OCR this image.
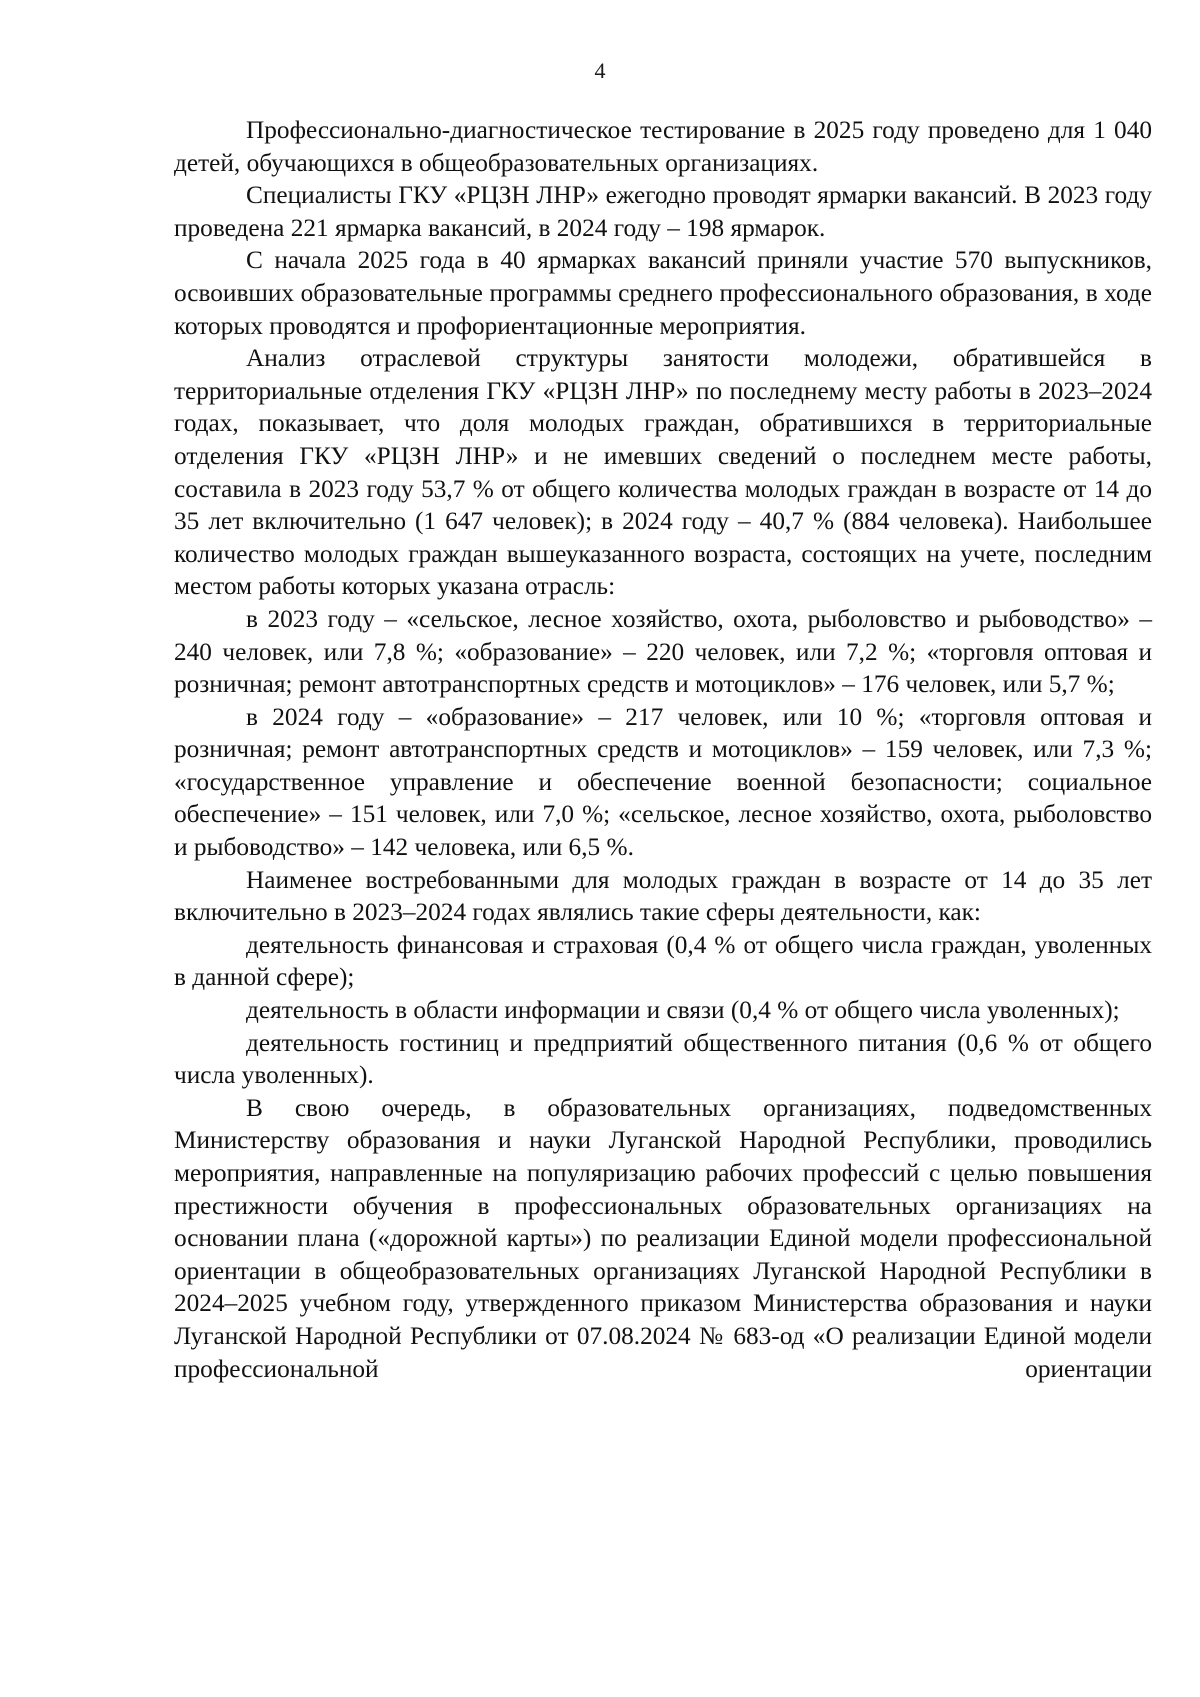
4

Профессионально-диагностическое тестирование в 2025 году проведено для 1 040 детей, обучающихся в общеобразовательных организациях.

Специалисты ГКУ «РЦЗН ЛНР» ежегодно проводят ярмарки вакансий. В 2023 году проведена 221 ярмарка вакансий, в 2024 году – 198 ярмарок.

С начала 2025 года в 40 ярмарках вакансий приняли участие 570 выпускников, освоивших образовательные программы среднего профессионального образования, в ходе которых проводятся и профориентационные мероприятия.

Анализ отраслевой структуры занятости молодежи, обратившейся в территориальные отделения ГКУ «РЦЗН ЛНР» по последнему месту работы в 2023–2024 годах, показывает, что доля молодых граждан, обратившихся в территориальные отделения ГКУ «РЦЗН ЛНР» и не имевших сведений о последнем месте работы, составила в 2023 году 53,7 % от общего количества молодых граждан в возрасте от 14 до 35 лет включительно (1 647 человек); в 2024 году – 40,7 % (884 человека). Наибольшее количество молодых граждан вышеуказанного возраста, состоящих на учете, последним местом работы которых указана отрасль:

в 2023 году – «сельское, лесное хозяйство, охота, рыболовство и рыбоводство» – 240 человек, или 7,8 %; «образование» – 220 человек, или 7,2 %; «торговля оптовая и розничная; ремонт автотранспортных средств и мотоциклов» – 176 человек, или 5,7 %;

в 2024 году – «образование» – 217 человек, или 10 %; «торговля оптовая и розничная; ремонт автотранспортных средств и мотоциклов» – 159 человек, или 7,3 %; «государственное управление и обеспечение военной безопасности; социальное обеспечение» – 151 человек, или 7,0 %; «сельское, лесное хозяйство, охота, рыболовство и рыбоводство» – 142 человека, или 6,5 %.

Наименее востребованными для молодых граждан в возрасте от 14 до 35 лет включительно в 2023–2024 годах являлись такие сферы деятельности, как:

деятельность финансовая и страховая (0,4 % от общего числа граждан, уволенных в данной сфере);

деятельность в области информации и связи (0,4 % от общего числа уволенных);

деятельность гостиниц и предприятий общественного питания (0,6 % от общего числа уволенных).

В свою очередь, в образовательных организациях, подведомственных Министерству образования и науки Луганской Народной Республики, проводились мероприятия, направленные на популяризацию рабочих профессий с целью повышения престижности обучения в профессиональных образовательных организациях на основании плана («дорожной карты») по реализации Единой модели профессиональной ориентации в общеобразовательных организациях Луганской Народной Республики в 2024–2025 учебном году, утвержденного приказом Министерства образования и науки Луганской Народной Республики от 07.08.2024 № 683-од «О реализации Единой модели профессиональной ориентации
